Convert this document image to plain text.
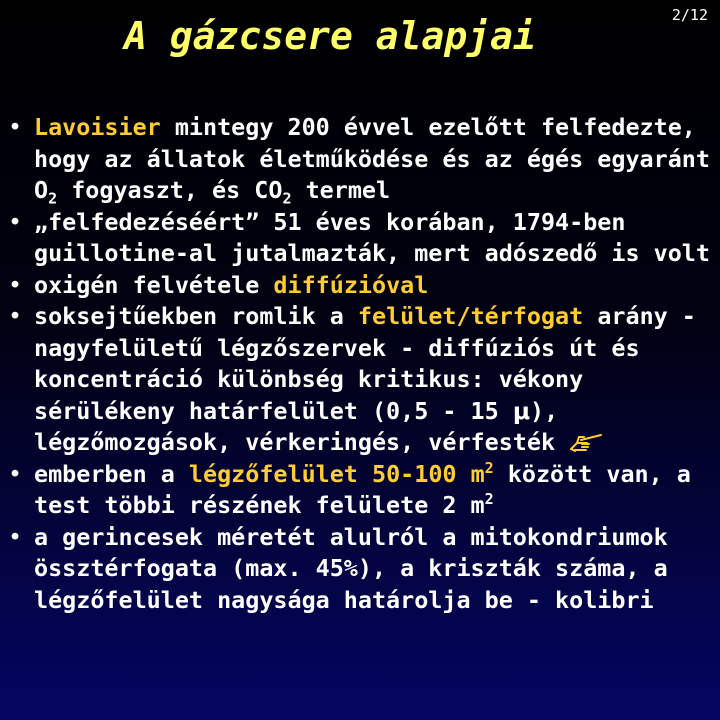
A gázcsere alapjai	2/12
• Lavoisier mintegy 200 évvel ezelőtt felfedezte, hogy az állatok életműködése és az égés egyaránt $O_2$ fogyaszt, és $CO_2$ termel
• „felfedezéséért” 51 éves korában, 1794-ben guillotine-al jutalmazták, mert adószedő is volt
• oxigén felvétele diffúzióval
• soksejtűekben romlik a felület/térfogat arány - nagyfelületű légzőszervek - diffúziós út és koncentráció különbség kritikus: vékony sérülékeny határfelület (0,5 - 15 μ), légzőmozgások, vérkeringés, vérfesték
• emberben a légzőfelület 50-100 $m^2$ között van, a test többi részének felülete 2 $m^2$
• a gerincesek méretét alulról a mitokondriumok össztérfogata (max. 45%), a kriszták száma, a légzőfelület nagysága határolja be - kolibri
